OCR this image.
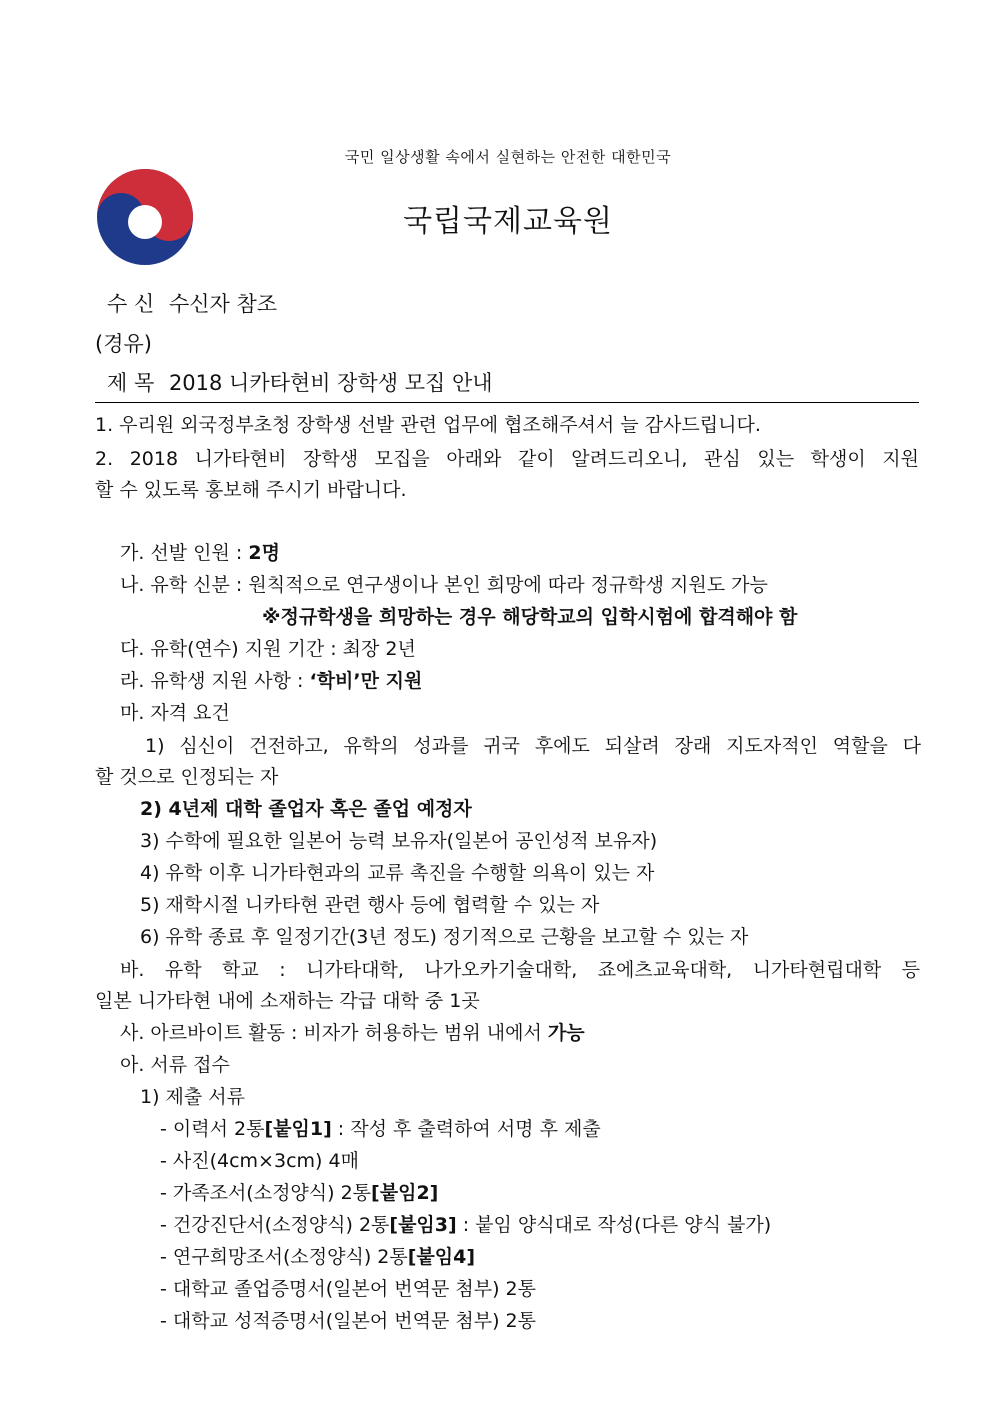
국민 일상생활 속에서 실현하는 안전한 대한민국
국립국제교육원
수 신 수신자 참조
(경유)
제 목 2018 니카타현비 장학생 모집 안내
1. 우리원 외국정부초청 장학생 선발 관련 업무에 협조해주셔서 늘 감사드립니다.
2. 2018 니가타현비 장학생 모집을 아래와 같이 알려드리오니, 관심 있는 학생이 지원
할 수 있도록 홍보해 주시기 바랍니다.
가. 선발 인원 : 2명
나. 유학 신분 : 원칙적으로 연구생이나 본인 희망에 따라 정규학생 지원도 가능
※정규학생을 희망하는 경우 해당학교의 입학시험에 합격해야 함
다. 유학(연수) 지원 기간 : 최장 2년
라. 유학생 지원 사항 : ‘학비’만 지원
마. 자격 요건
1) 심신이 건전하고, 유학의 성과를 귀국 후에도 되살려 장래 지도자적인 역할을 다
할 것으로 인정되는 자
2) 4년제 대학 졸업자 혹은 졸업 예정자
3) 수학에 필요한 일본어 능력 보유자(일본어 공인성적 보유자)
4) 유학 이후 니가타현과의 교류 촉진을 수행할 의욕이 있는 자
5) 재학시절 니카타현 관련 행사 등에 협력할 수 있는 자
6) 유학 종료 후 일정기간(3년 정도) 정기적으로 근황을 보고할 수 있는 자
바. 유학 학교 : 니가타대학, 나가오카기술대학, 죠에츠교육대학, 니가타현립대학 등
일본 니가타현 내에 소재하는 각급 대학 중 1곳
사. 아르바이트 활동 : 비자가 허용하는 범위 내에서 가능
아. 서류 접수
1) 제출 서류
- 이력서 2통[붙임1] : 작성 후 출력하여 서명 후 제출
- 사진(4cm×3cm) 4매
- 가족조서(소정양식) 2통[붙임2]
- 건강진단서(소정양식) 2통[붙임3] : 붙임 양식대로 작성(다른 양식 불가)
- 연구희망조서(소정양식) 2통[붙임4]
- 대학교 졸업증명서(일본어 번역문 첨부) 2통
- 대학교 성적증명서(일본어 번역문 첨부) 2통
